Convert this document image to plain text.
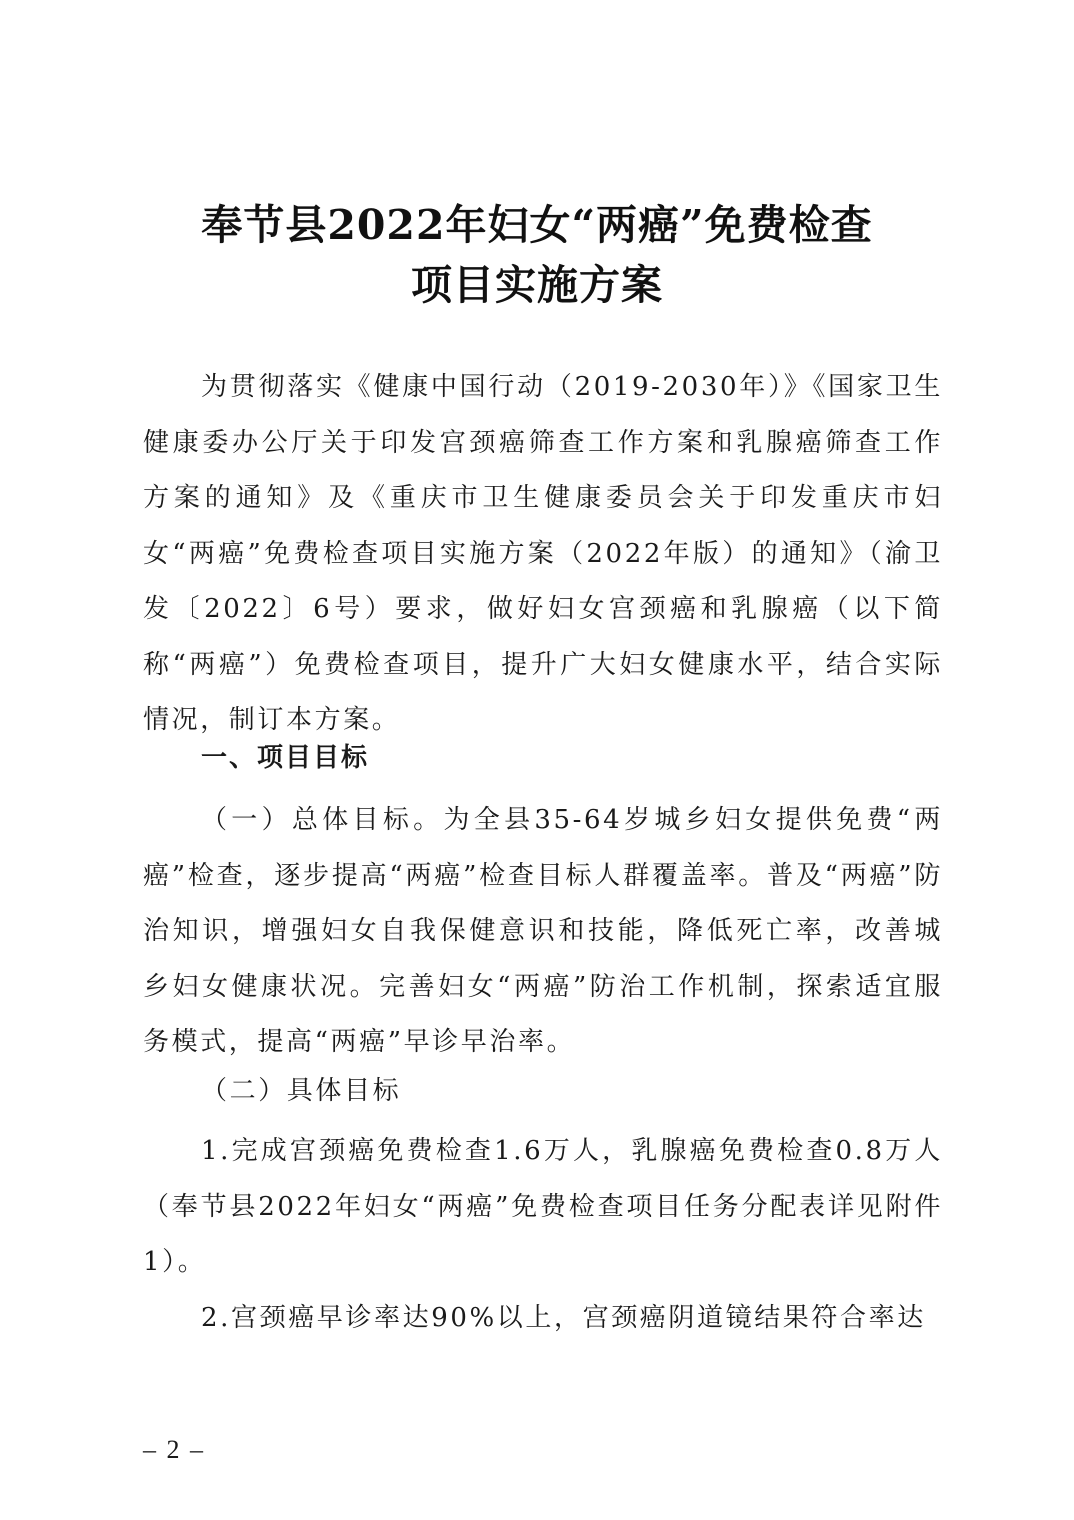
奉节县2022年妇女“两癌”免费检查
项目实施方案

为贯彻落实《健康中国行动（2019-2030年）》《国家卫生健康委办公厅关于印发宫颈癌筛查工作方案和乳腺癌筛查工作方案的通知》及《重庆市卫生健康委员会关于印发重庆市妇女“两癌”免费检查项目实施方案（2022年版）的通知》（渝卫发〔2022〕6号）要求，做好妇女宫颈癌和乳腺癌（以下简称“两癌”）免费检查项目，提升广大妇女健康水平，结合实际情况，制订本方案。

一、项目目标

（一）总体目标。为全县35-64岁城乡妇女提供免费“两癌”检查，逐步提高“两癌”检查目标人群覆盖率。普及“两癌”防治知识，增强妇女自我保健意识和技能，降低死亡率，改善城乡妇女健康状况。完善妇女“两癌”防治工作机制，探索适宜服务模式，提高“两癌”早诊早治率。

（二）具体目标

1.完成宫颈癌免费检查1.6万人，乳腺癌免费检查0.8万人（奉节县2022年妇女“两癌”免费检查项目任务分配表详见附件1）。

2.宫颈癌早诊率达90%以上，宫颈癌阴道镜结果符合率达

– 2 –
